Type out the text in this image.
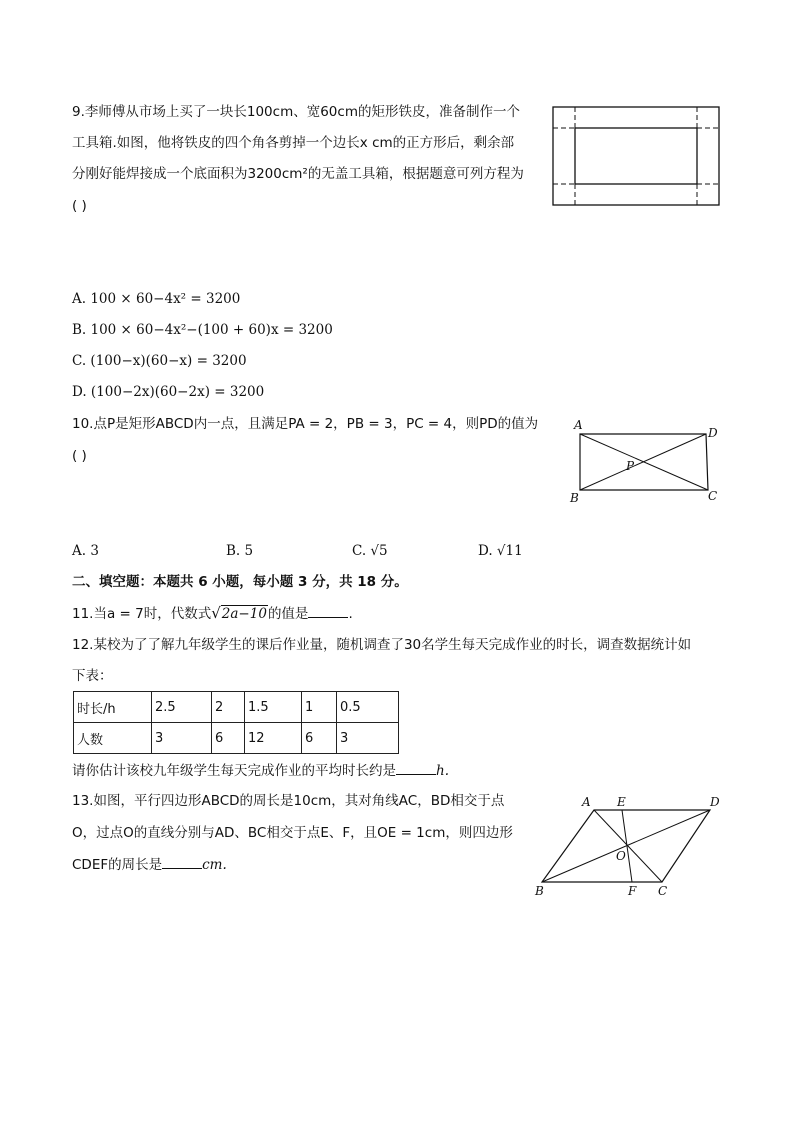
9.李师傅从市场上买了一块长100cm、宽60cm的矩形铁皮，准备制作一个
工具箱.如图，他将铁皮的四个角各剪掉一个边长x cm的正方形后，剩余部
分刚好能焊接成一个底面积为3200cm²的无盖工具箱，根据题意可列方程为
( )
A. 100 × 60−4x² = 3200
B. 100 × 60−4x²−(100 + 60)x = 3200
C. (100−x)(60−x) = 3200
D. (100−2x)(60−2x) = 3200
10.点P是矩形ABCD内一点，且满足PA = 2，PB = 3，PC = 4，则PD的值为
( )
A
D
P
B	C
A. 3	B. 5	C. √5	D. √11
二、填空题：本题共 6 小题，每小题 3 分，共 18 分。
11.当a = 7时，代数式√2a−10的值是	.
12.某校为了了解九年级学生的课后作业量，随机调查了30名学生每天完成作业的时长，调查数据统计如
下表：
时长/h	2.5	2	1.5	1	0.5
人数	3	6	12	6	3
请你估计该校九年级学生每天完成作业的平均时长约是	h.
13.如图，平行四边形ABCD的周长是10cm，其对角线AC，BD相交于点
O，过点O的直线分别与AD、BC相交于点E、F，且OE = 1cm，则四边形
CDEF的周长是	cm.
A E	D
O
B	F C
